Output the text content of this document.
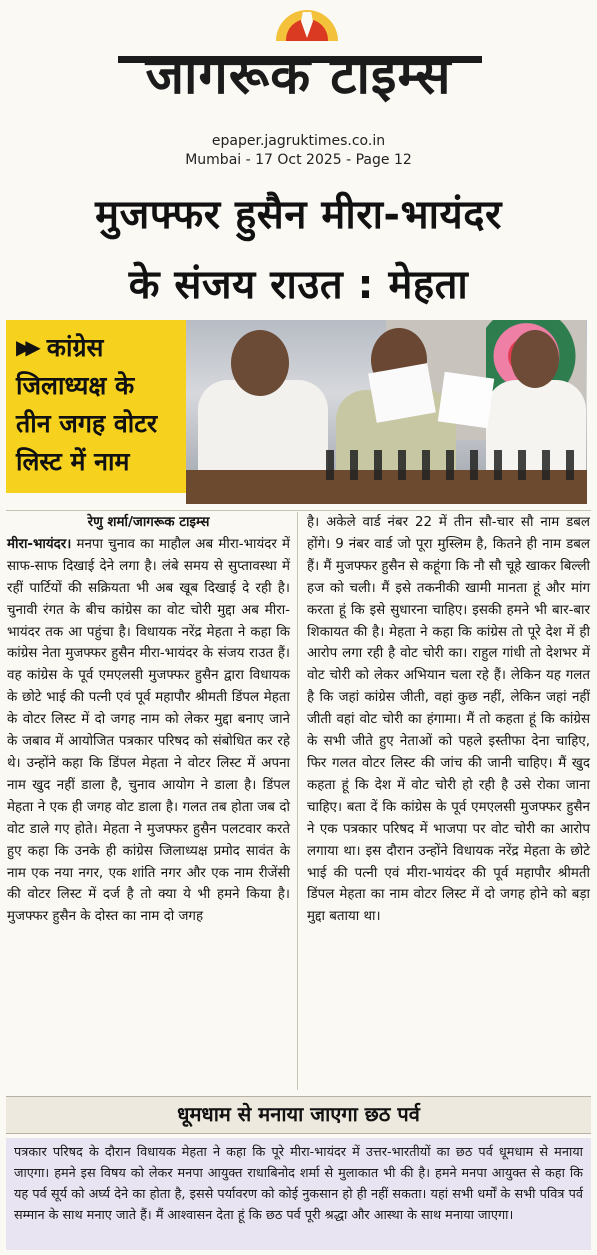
जागरूक टाइम्स
epaper.jagruktimes.co.in
Mumbai - 17 Oct 2025 - Page 12
मुजफ्फर हुसैन मीरा-भायंदर
के संजय राउत : मेहता
▶▶ कांग्रेस
जिलाध्यक्ष के
तीन जगह वोटर
लिस्ट में नाम
रेणु शर्मा/जागरूक टाइम्स

मीरा-भायंदर। मनपा चुनाव का माहौल अब मीरा-भायंदर में साफ-साफ दिखाई देने लगा है। लंबे समय से सुप्तावस्था में रहीं पार्टियों की सक्रियता भी अब खूब दिखाई दे रही है। चुनावी रंगत के बीच कांग्रेस का वोट चोरी मुद्दा अब मीरा-भायंदर तक आ पहुंचा है। विधायक नरेंद्र मेहता ने कहा कि कांग्रेस नेता मुजफ्फर हुसैन मीरा-भायंदर के संजय राउत हैं। वह कांग्रेस के पूर्व एमएलसी मुजफ्फर हुसैन द्वारा विधायक के छोटे भाई की पत्नी एवं पूर्व महापौर श्रीमती डिंपल मेहता के वोटर लिस्ट में दो जगह नाम को लेकर मुद्दा बनाए जाने के जबाव में आयोजित पत्रकार परिषद को संबोधित कर रहे थे। उन्होंने कहा कि डिंपल मेहता ने वोटर लिस्ट में अपना नाम खुद नहीं डाला है, चुनाव आयोग ने डाला है। डिंपल मेहता ने एक ही जगह वोट डाला है। गलत तब होता जब दो वोट डाले गए होते। मेहता ने मुजफ्फर हुसैन पलटवार करते हुए कहा कि उनके ही कांग्रेस जिलाध्यक्ष प्रमोद सावंत के नाम एक नया नगर, एक शांति नगर और एक नाम रीजेंसी की वोटर लिस्ट में दर्ज है तो क्या ये भी हमने किया है। मुजफ्फर हुसैन के दोस्त का नाम दो जगह

है। अकेले वार्ड नंबर 22 में तीन सौ-चार सौ नाम डबल होंगे। 9 नंबर वार्ड जो पूरा मुस्लिम है, कितने ही नाम डबल हैं। मैं मुजफ्फर हुसैन से कहूंगा कि नौ सौ चूहे खाकर बिल्ली हज को चली। मैं इसे तकनीकी खामी मानता हूं और मांग करता हूं कि इसे सुधारना चाहिए। इसकी हमने भी बार-बार शिकायत की है। मेहता ने कहा कि कांग्रेस तो पूरे देश में ही आरोप लगा रही है वोट चोरी का। राहुल गांधी तो देशभर में वोट चोरी को लेकर अभियान चला रहे हैं। लेकिन यह गलत है कि जहां कांग्रेस जीती, वहां कुछ नहीं, लेकिन जहां नहीं जीती वहां वोट चोरी का हंगामा। मैं तो कहता हूं कि कांग्रेस के सभी जीते हुए नेताओं को पहले इस्तीफा देना चाहिए, फिर गलत वोटर लिस्ट की जांच की जानी चाहिए। मैं खुद कहता हूं कि देश में वोट चोरी हो रही है उसे रोका जाना चाहिए। बता दें कि कांग्रेस के पूर्व एमएलसी मुजफ्फर हुसैन ने एक पत्रकार परिषद में भाजपा पर वोट चोरी का आरोप लगाया था। इस दौरान उन्होंने विधायक नरेंद्र मेहता के छोटे भाई की पत्नी एवं मीरा-भायंदर की पूर्व महापौर श्रीमती डिंपल मेहता का नाम वोटर लिस्ट में दो जगह होने को बड़ा मुद्दा बताया था।

धूमधाम से मनाया जाएगा छठ पर्व
पत्रकार परिषद के दौरान विधायक मेहता ने कहा कि पूरे मीरा-भायंदर में उत्तर-भारतीयों का छठ पर्व धूमधाम से मनाया जाएगा। हमने इस विषय को लेकर मनपा आयुक्त राधाबिनोद शर्मा से मुलाकात भी की है। हमने मनपा आयुक्त से कहा कि यह पर्व सूर्य को अर्घ्य देने का होता है, इससे पर्यावरण को कोई नुकसान हो ही नहीं सकता। यहां सभी धर्मों के सभी पवित्र पर्व सम्मान के साथ मनाए जाते हैं। मैं आश्वासन देता हूं कि छठ पर्व पूरी श्रद्धा और आस्था के साथ मनाया जाएगा।
